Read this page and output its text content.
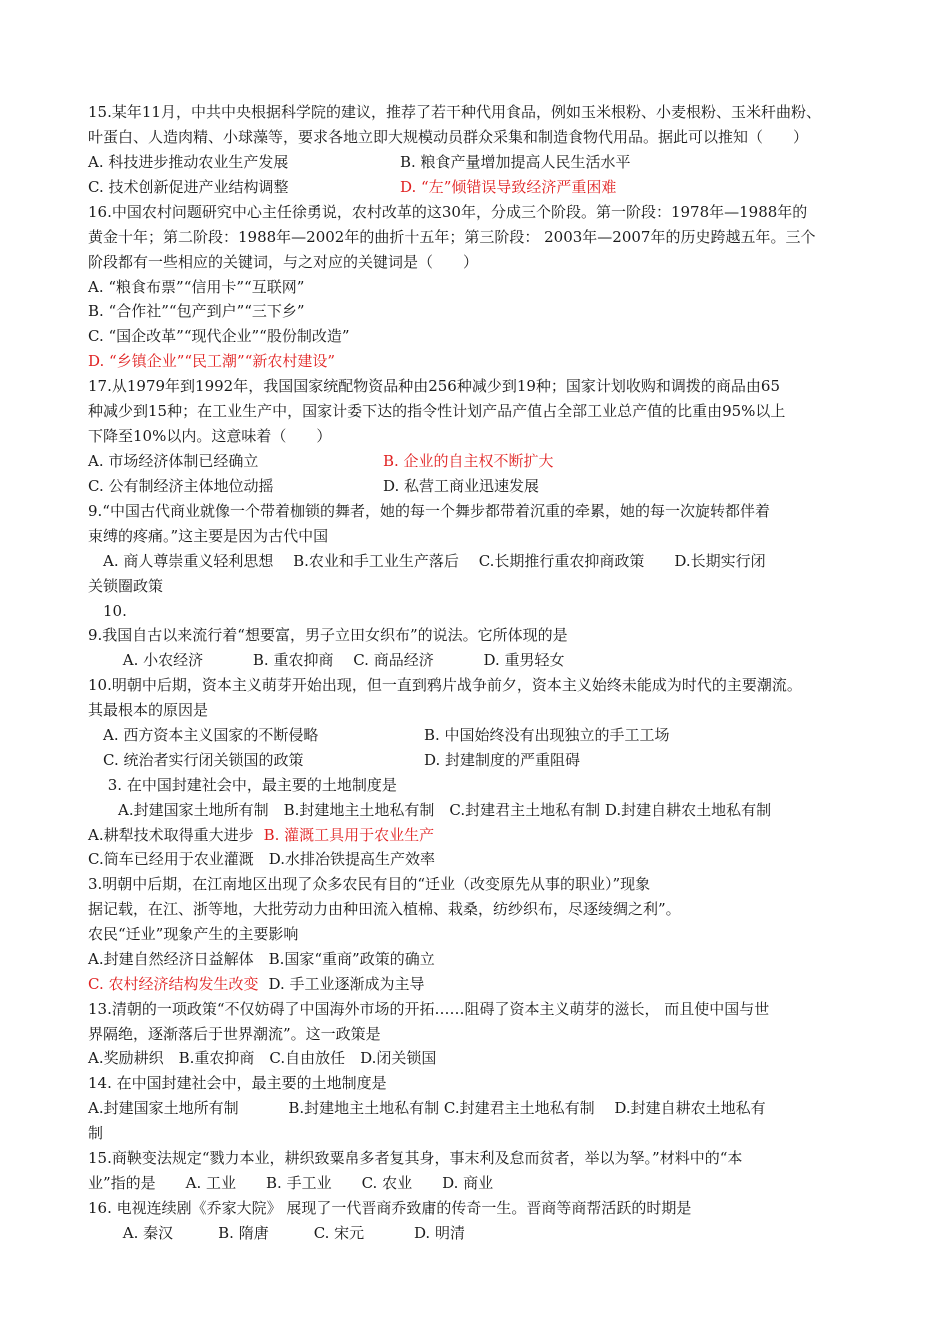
15.某年11月，中共中央根据科学院的建议，推荐了若干种代用食品，例如玉米根粉、小麦根粉、玉米秆曲粉、
叶蛋白、人造肉精、小球藻等，要求各地立即大规模动员群众采集和制造食物代用品。据此可以推知（　　）
A. 科技进步推动农业生产发展	B. 粮食产量增加提高人民生活水平
C. 技术创新促进产业结构调整	D. “左”倾错误导致经济严重困难
16.中国农村问题研究中心主任徐勇说，农村改革的这30年，分成三个阶段。第一阶段：1978年—1988年的
黄金十年；第二阶段：1988年—2002年的曲折十五年；第三阶段： 2003年—2007年的历史跨越五年。三个
阶段都有一些相应的关键词，与之对应的关键词是（　　）
A. “粮食布票”“信用卡”“互联网”
B. “合作社”“包产到户”“三下乡”
C. “国企改革”“现代企业”“股份制改造”
D. “乡镇企业”“民工潮”“新农村建设”
17.从1979年到1992年，我国国家统配物资品种由256种减少到19种；国家计划收购和调拨的商品由65
种减少到15种；在工业生产中，国家计委下达的指令性计划产品产值占全部工业总产值的比重由95%以上
下降至10%以内。这意味着（　　）
A. 市场经济体制已经确立	B. 企业的自主权不断扩大
C. 公有制经济主体地位动摇	D. 私营工商业迅速发展
9.“中国古代商业就像一个带着枷锁的舞者，她的每一个舞步都带着沉重的牵累，她的每一次旋转都伴着
束缚的疼痛。”这主要是因为古代中国
　A. 商人尊崇重义轻利思想　 B.农业和手工业生产落后　 C.长期推行重农抑商政策　　D.长期实行闭
关锁圈政策
　10.
9.我国自古以来流行着“想要富，男子立田女织布”的说法。它所体现的是
　　 A. 小农经济　　　 B. 重农抑商　 C. 商品经济　　　 D. 重男轻女
10.明朝中后期，资本主义萌芽开始出现，但一直到鸦片战争前夕，资本主义始终未能成为时代的主要潮流。
其最根本的原因是
　A. 西方资本主义国家的不断侵略	B. 中国始终没有出现独立的手工工场
　C. 统治者实行闭关锁国的政策	D. 封建制度的严重阻碍
　 3. 在中国封建社会中，最主要的土地制度是
　　A.封建国家土地所有制　B.封建地主土地私有制　C.封建君主土地私有制 D.封建自耕农土地私有制
A.耕犁技术取得重大进步 B. 灌溉工具用于农业生产
C.筒车已经用于农业灌溉　D.水排冶铁提高生产效率
3.明朝中后期，在江南地区出现了众多农民有目的“迁业（改变原先从事的职业）”现象
据记载，在江、浙等地，大批劳动力由种田流入植棉、栽桑，纺纱织布，尽逐绫绸之利”。
农民“迁业”现象产生的主要影响
A.封建自然经济日益解体　B.国家“重商”政策的确立
C. 农村经济结构发生改变 D. 手工业逐渐成为主导
13.清朝的一项政策“不仅妨碍了中国海外市场的开拓……阻碍了资本主义萌芽的滋长， 而且使中国与世
界隔绝，逐渐落后于世界潮流”。这一政策是
A.奖励耕织　B.重农抑商　C.自由放任　D.闭关锁国
14. 在中国封建社会中，最主要的土地制度是
A.封建国家土地所有制　　　 B.封建地主土地私有制 C.封建君主土地私有制　 D.封建自耕农土地私有
制
15.商鞅变法规定“戮力本业，耕织致粟帛多者复其身，事末利及怠而贫者，举以为孥。”材料中的“本
业”指的是　　A. 工业　　B. 手工业　　C. 农业　　D. 商业
16. 电视连续剧《乔家大院》 展现了一代晋商乔致庸的传奇一生。晋商等商帮活跃的时期是
　　 A. 秦汉　　　B. 隋唐　　　C. 宋元　　　 D. 明清
